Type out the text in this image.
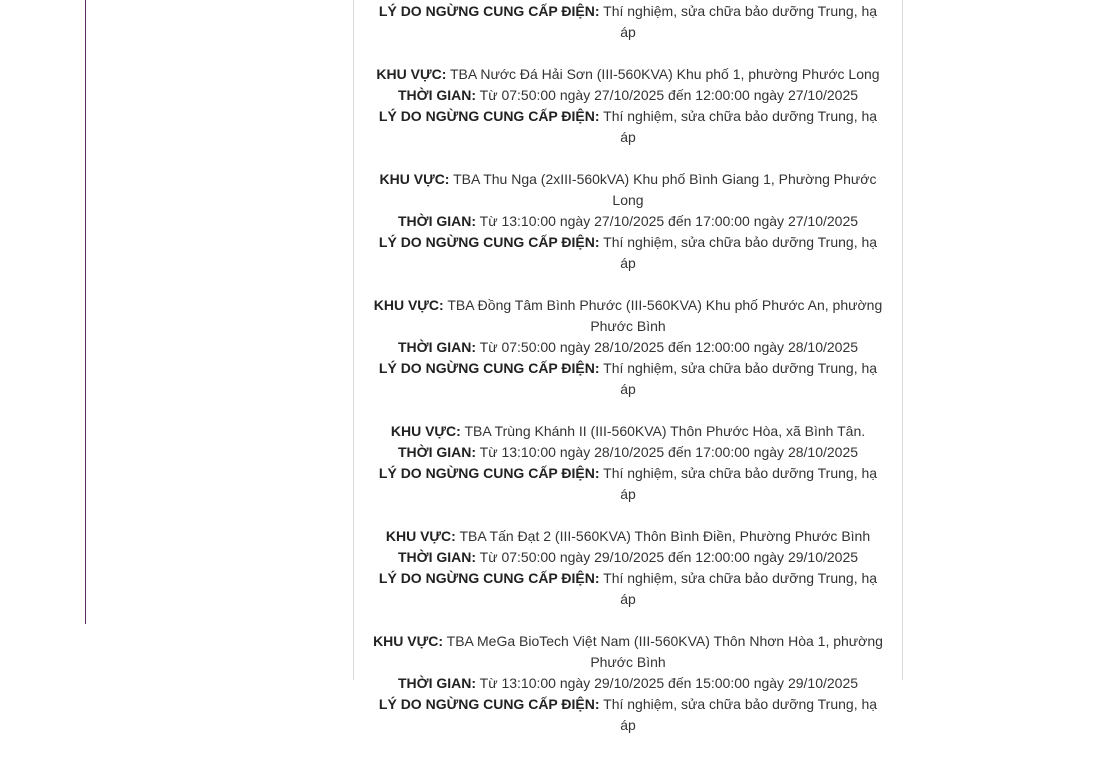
LÝ DO NGỪNG CUNG CẤP ĐIỆN: Thí nghiệm, sửa chữa bảo dưỡng Trung, hạ áp
KHU VỰC: TBA Nước Đá Hải Sơn (III-560KVA) Khu phố 1, phường Phước Long
THỜI GIAN: Từ 07:50:00 ngày 27/10/2025 đến 12:00:00 ngày 27/10/2025
LÝ DO NGỪNG CUNG CẤP ĐIỆN: Thí nghiệm, sửa chữa bảo dưỡng Trung, hạ áp
KHU VỰC: TBA Thu Nga (2xIII-560kVA) Khu phố Bình Giang 1, Phường Phước Long
THỜI GIAN: Từ 13:10:00 ngày 27/10/2025 đến 17:00:00 ngày 27/10/2025
LÝ DO NGỪNG CUNG CẤP ĐIỆN: Thí nghiệm, sửa chữa bảo dưỡng Trung, hạ áp
KHU VỰC: TBA Đồng Tâm Bình Phước (III-560KVA) Khu phố Phước An, phường Phước Bình
THỜI GIAN: Từ 07:50:00 ngày 28/10/2025 đến 12:00:00 ngày 28/10/2025
LÝ DO NGỪNG CUNG CẤP ĐIỆN: Thí nghiệm, sửa chữa bảo dưỡng Trung, hạ áp
KHU VỰC: TBA Trùng Khánh II (III-560KVA) Thôn Phước Hòa, xã Bình Tân.
THỜI GIAN: Từ 13:10:00 ngày 28/10/2025 đến 17:00:00 ngày 28/10/2025
LÝ DO NGỪNG CUNG CẤP ĐIỆN: Thí nghiệm, sửa chữa bảo dưỡng Trung, hạ áp
KHU VỰC: TBA Tấn Đạt 2 (III-560KVA) Thôn Bình Điền, Phường Phước Bình
THỜI GIAN: Từ 07:50:00 ngày 29/10/2025 đến 12:00:00 ngày 29/10/2025
LÝ DO NGỪNG CUNG CẤP ĐIỆN: Thí nghiệm, sửa chữa bảo dưỡng Trung, hạ áp
KHU VỰC: TBA MeGa BioTech Việt Nam (III-560KVA) Thôn Nhơn Hòa 1, phường Phước Bình
THỜI GIAN: Từ 13:10:00 ngày 29/10/2025 đến 15:00:00 ngày 29/10/2025
LÝ DO NGỪNG CUNG CẤP ĐIỆN: Thí nghiệm, sửa chữa bảo dưỡng Trung, hạ áp
